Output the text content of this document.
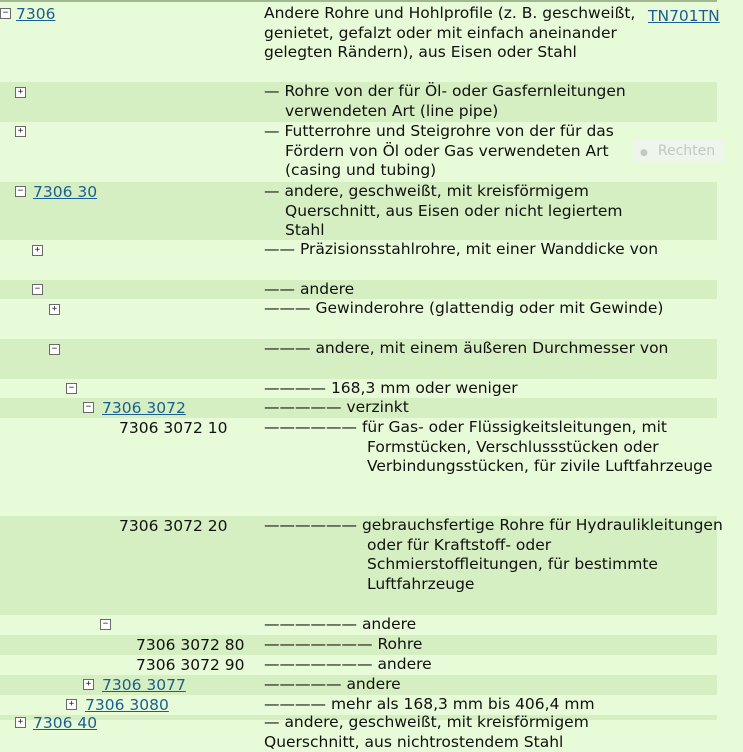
− 7306	Andere Rohre und Hohlprofile (z. B. geschweißt, genietet, gefalzt oder mit einfach aneinander gelegten Rändern), aus Eisen oder Stahl
TN701TN
+	— Rohre von der für Öl- oder Gasfernleitungen verwendeten Art (line pipe)
+	— Futterrohre und Steigrohre von der für das Fördern von Öl oder Gas verwendeten Art (casing und tubing)
− 7306 30	— andere, geschweißt, mit kreisförmigem Querschnitt, aus Eisen oder nicht legiertem Stahl
+	—— Präzisionsstahlrohre, mit einer Wanddicke von
−	—— andere
+	——— Gewinderohre (glattendig oder mit Gewinde)
−	——— andere, mit einem äußeren Durchmesser von
−	———— 168,3 mm oder weniger
− 7306 3072	————— verzinkt
7306 3072 10 —————— für Gas- oder Flüssigkeitsleitungen, mit Formstücken, Verschlussstücken oder Verbindungsstücken, für zivile Luftfahrzeuge
7306 3072 20 —————— gebrauchsfertige Rohre für Hydraulikleitungen oder für Kraftstoff- oder Schmierstoffleitungen, für bestimmte Luftfahrzeuge
−	—————— andere
7306 3072 80 ——————— Rohre
7306 3072 90 ——————— andere
+ 7306 3077	————— andere
+ 7306 3080	———— mehr als 168,3 mm bis 406,4 mm
+ 7306 40	— andere, geschweißt, mit kreisförmigem Querschnitt, aus nichtrostendem Stahl
● Rechten
